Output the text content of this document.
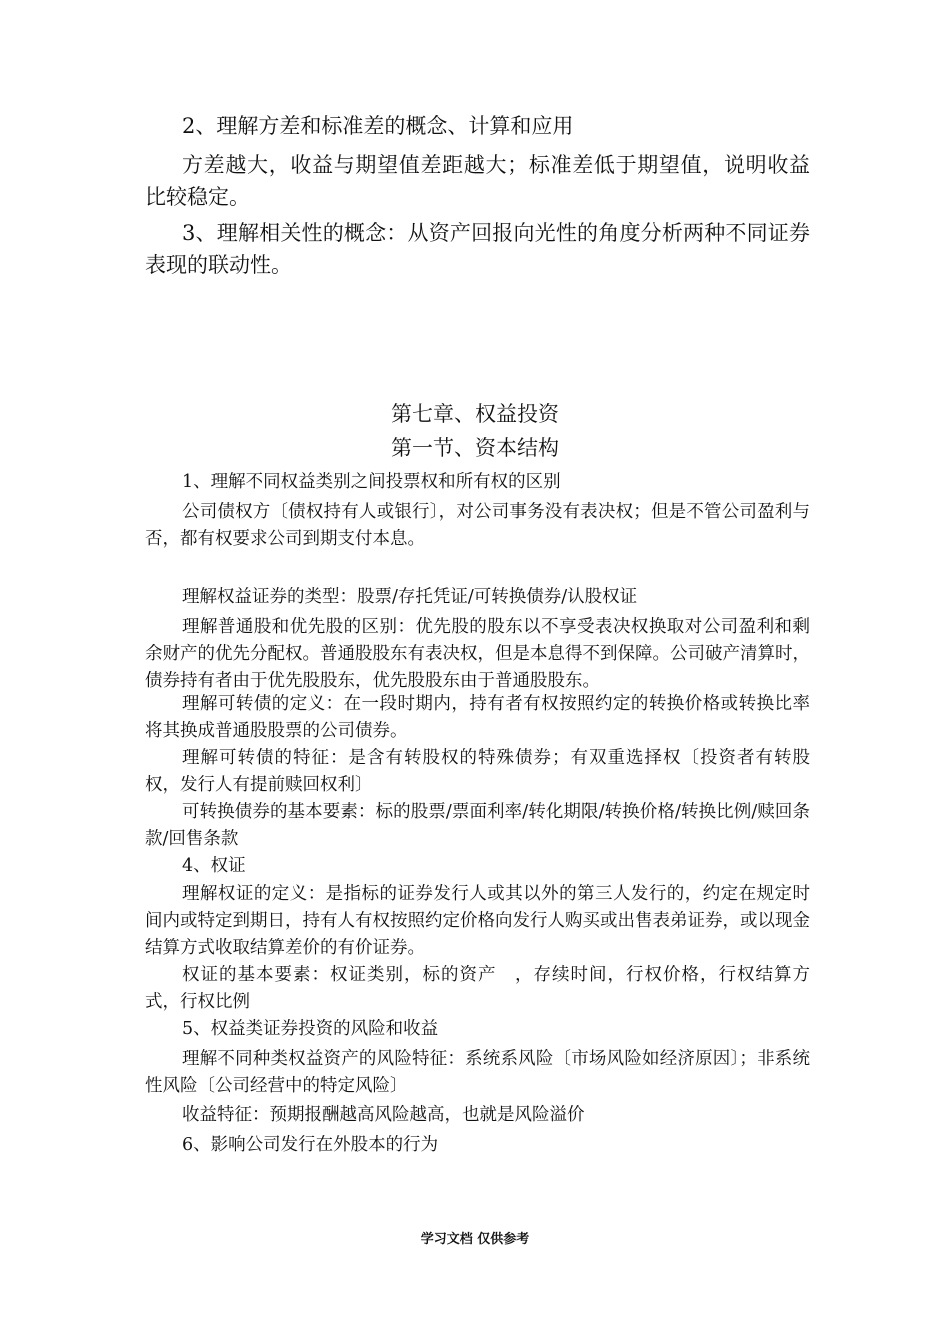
2、理解方差和标准差的概念、计算和应用

方差越大，收益与期望值差距越大；标准差低于期望值，说明收益比较稳定。

3、理解相关性的概念：从资产回报向光性的角度分析两种不同证券表现的联动性。

第七章、权益投资
第一节、资本结构

1、理解不同权益类别之间投票权和所有权的区别

公司债权方〔债权持有人或银行〕，对公司事务没有表决权；但是不管公司盈利与否，都有权要求公司到期支付本息。

理解权益证券的类型：股票/存托凭证/可转换债券/认股权证

理解普通股和优先股的区别：优先股的股东以不享受表决权换取对公司盈利和剩余财产的优先分配权。普通股股东有表决权，但是本息得不到保障。公司破产清算时，债券持有者由于优先股股东，优先股股东由于普通股股东。

理解可转债的定义：在一段时期内，持有者有权按照约定的转换价格或转换比率将其换成普通股股票的公司债券。

理解可转债的特征：是含有转股权的特殊债券；有双重选择权〔投资者有转股权，发行人有提前赎回权利〕

可转换债券的基本要素：标的股票/票面利率/转化期限/转换价格/转换比例/赎回条款/回售条款

4、权证

理解权证的定义：是指标的证券发行人或其以外的第三人发行的，约定在规定时间内或特定到期日，持有人有权按照约定价格向发行人购买或出售表弟证券，或以现金结算方式收取结算差价的有价证券。

权证的基本要素：权证类别，标的资产　，存续时间，行权价格，行权结算方式，行权比例

5、权益类证券投资的风险和收益

理解不同种类权益资产的风险特征：系统系风险〔市场风险如经济原因〕；非系统性风险〔公司经营中的特定风险〕

收益特征：预期报酬越高风险越高，也就是风险溢价

6、影响公司发行在外股本的行为

学习文档 仅供参考
